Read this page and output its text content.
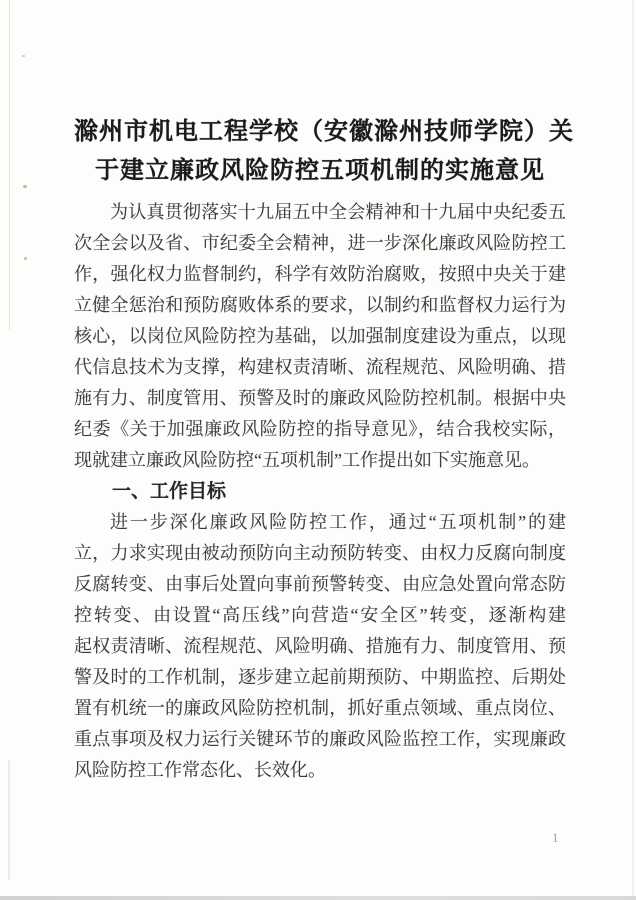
滁州市机电工程学校（安徽滁州技师学院）关
于建立廉政风险防控五项机制的实施意见
为认真贯彻落实十九届五中全会精神和十九届中央纪委五
次全会以及省、市纪委全会精神，进一步深化廉政风险防控工
作，强化权力监督制约，科学有效防治腐败，按照中央关于建
立健全惩治和预防腐败体系的要求，以制约和监督权力运行为
核心，以岗位风险防控为基础，以加强制度建设为重点，以现
代信息技术为支撑，构建权责清晰、流程规范、风险明确、措
施有力、制度管用、预警及时的廉政风险防控机制。根据中央
纪委《关于加强廉政风险防控的指导意见》，结合我校实际，
现就建立廉政风险防控“五项机制”工作提出如下实施意见。
一、工作目标
进一步深化廉政风险防控工作，通过“五项机制”的建
立，力求实现由被动预防向主动预防转变、由权力反腐向制度
反腐转变、由事后处置向事前预警转变、由应急处置向常态防
控转变、由设置“高压线”向营造“安全区”转变，逐渐构建
起权责清晰、流程规范、风险明确、措施有力、制度管用、预
警及时的工作机制，逐步建立起前期预防、中期监控、后期处
置有机统一的廉政风险防控机制，抓好重点领域、重点岗位、
重点事项及权力运行关键环节的廉政风险监控工作，实现廉政
风险防控工作常态化、长效化。
1
